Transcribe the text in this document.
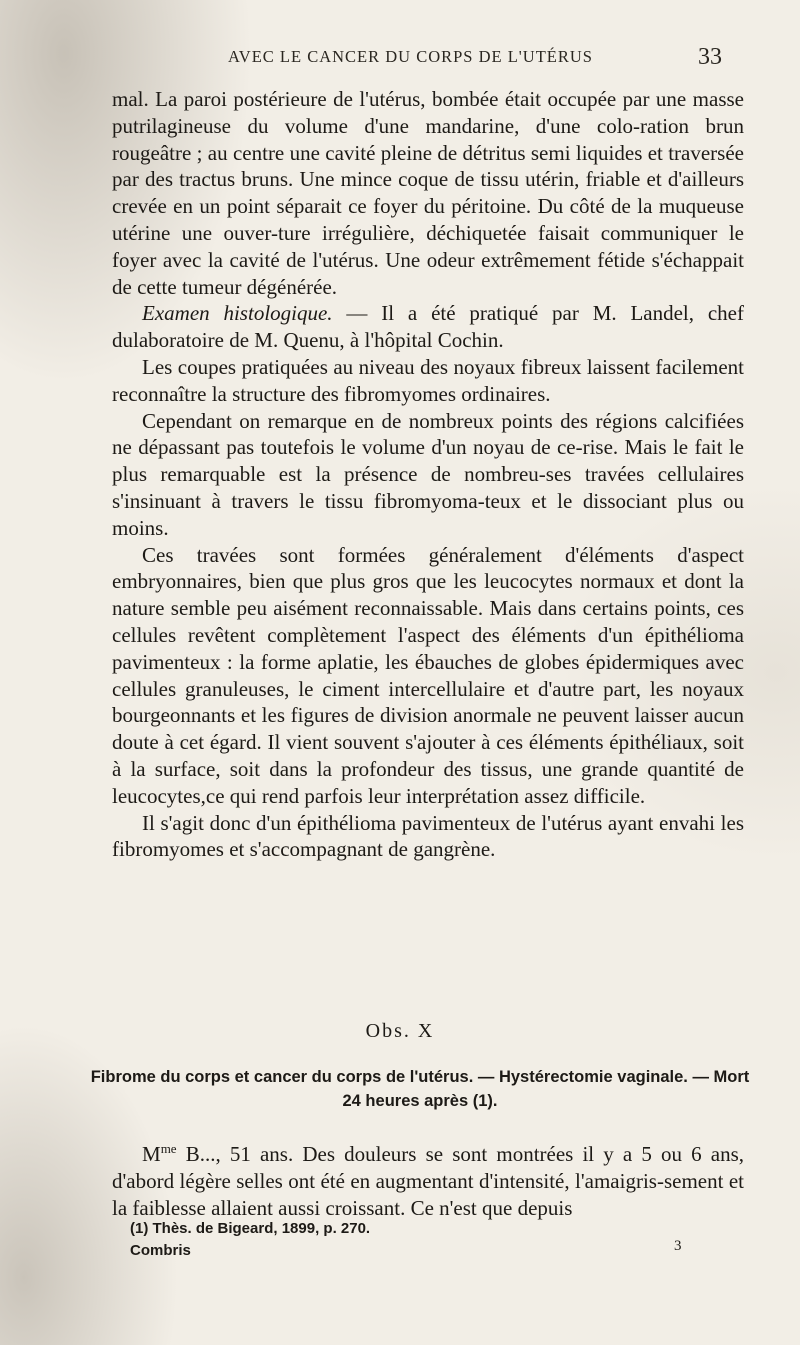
AVEC LE CANCER DU CORPS DE L'UTÉRUS	33

mal. La paroi postérieure de l'utérus, bombée était occupée par une masse putrilagineuse du volume d'une mandarine, d'une colo-ration brun rougeâtre ; au centre une cavité pleine de détritus semi liquides et traversée par des tractus bruns. Une mince coque de tissu utérin, friable et d'ailleurs crevée en un point séparait ce foyer du péritoine. Du côté de la muqueuse utérine une ouver-ture irrégulière, déchiquetée faisait communiquer le foyer avec la cavité de l'utérus. Une odeur extrêmement fétide s'échappait de cette tumeur dégénérée.

Examen histologique. — Il a été pratiqué par M. Landel, chef dulaboratoire de M. Quenu, à l'hôpital Cochin.

Les coupes pratiquées au niveau des noyaux fibreux laissent facilement reconnaître la structure des fibromyomes ordinaires.

Cependant on remarque en de nombreux points des régions calcifiées ne dépassant pas toutefois le volume d'un noyau de ce-rise. Mais le fait le plus remarquable est la présence de nombreu-ses travées cellulaires s'insinuant à travers le tissu fibromyoma-teux et le dissociant plus ou moins.

Ces travées sont formées généralement d'éléments d'aspect embryonnaires, bien que plus gros que les leucocytes normaux et dont la nature semble peu aisément reconnaissable. Mais dans certains points, ces cellules revêtent complètement l'aspect des éléments d'un épithélioma pavimenteux : la forme aplatie, les ébauches de globes épidermiques avec cellules granuleuses, le ciment intercellulaire et d'autre part, les noyaux bourgeonnants et les figures de division anormale ne peuvent laisser aucun doute à cet égard. Il vient souvent s'ajouter à ces éléments épithéliaux, soit à la surface, soit dans la profondeur des tissus, une grande quantité de leucocytes,ce qui rend parfois leur interprétation assez difficile.

Il s'agit donc d'un épithélioma pavimenteux de l'utérus ayant envahi les fibromyomes et s'accompagnant de gangrène.

Obs. X
Fibrome du corps et cancer du corps de l'utérus. — Hystérectomie vaginale. — Mort 24 heures après (1).
$M^{me}$ B..., 51 ans. Des douleurs se sont montrées il y a 5 ou 6 ans, d'abord légère selles ont été en augmentant d'intensité, l'amaigris-sement et la faiblesse allaient aussi croissant. Ce n'est que depuis
(1) Thès. de Bigeard, 1899, p. 270.
Combris	3
